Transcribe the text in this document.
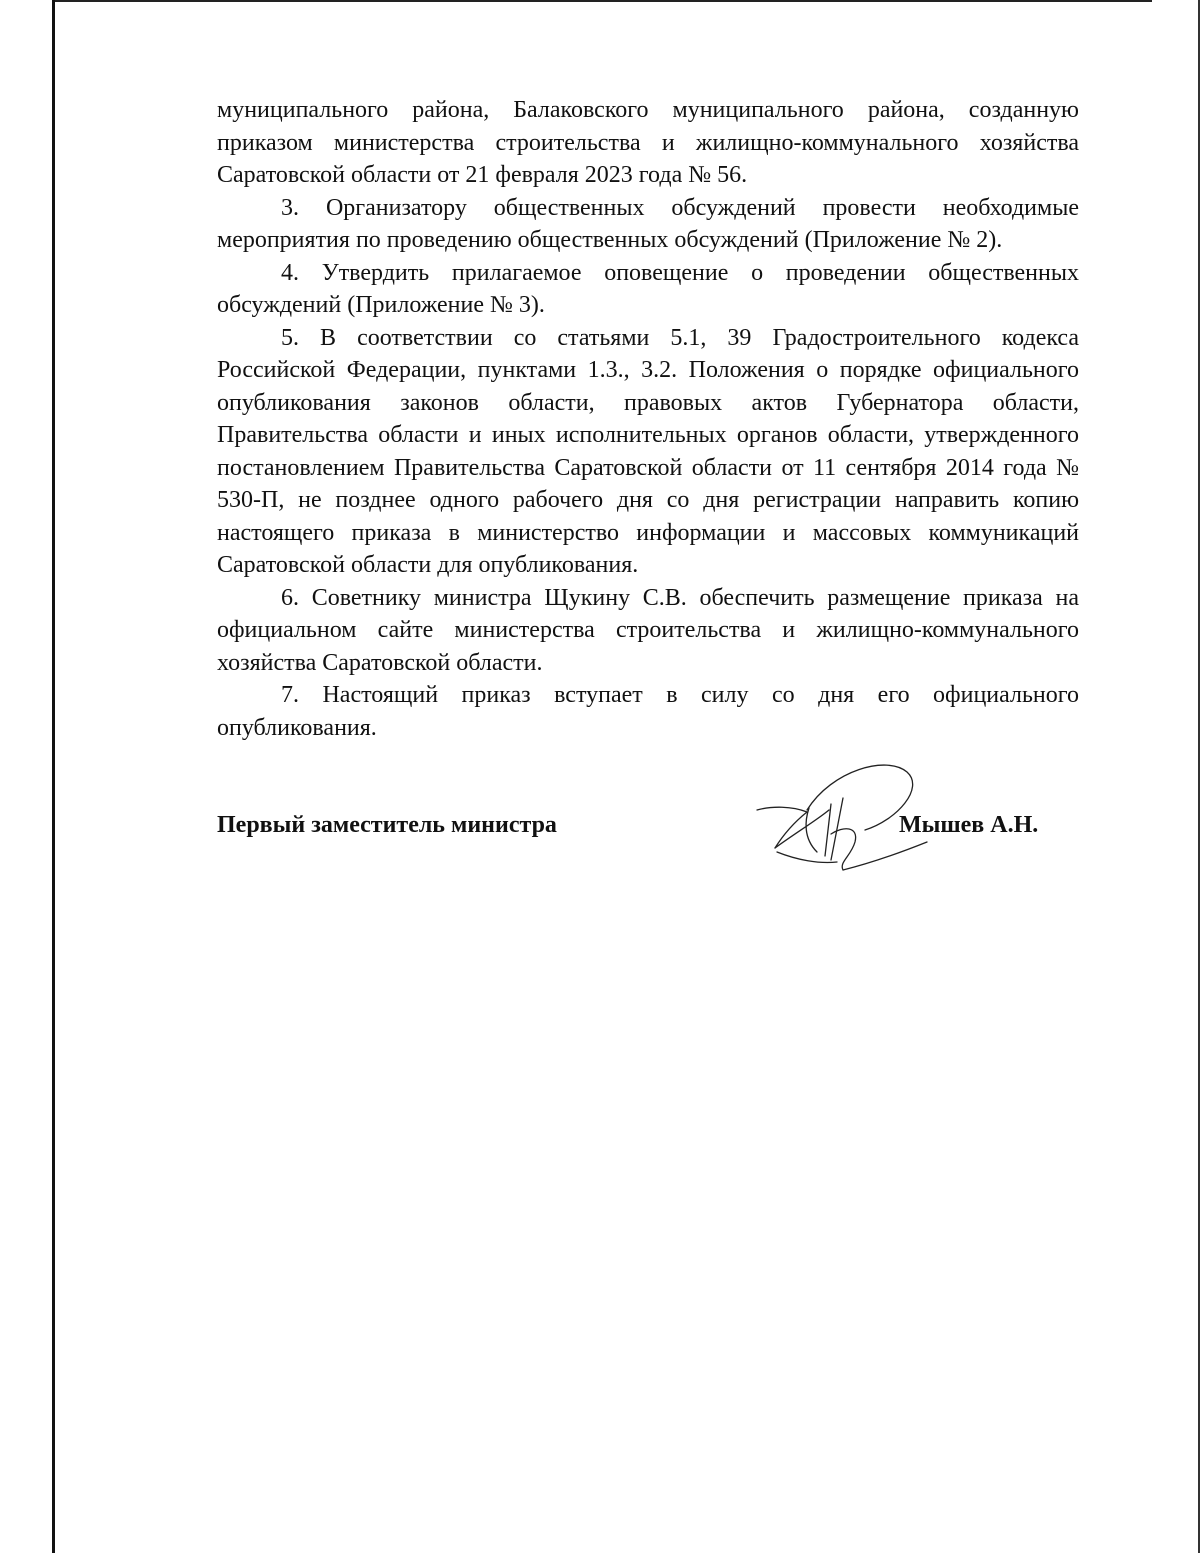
муниципального района, Балаковского муниципального района, созданную приказом министерства строительства и жилищно-коммунального хозяйства Саратовской области от 21 февраля 2023 года № 56.

3. Организатору общественных обсуждений провести необходимые мероприятия по проведению общественных обсуждений (Приложение № 2).

4. Утвердить прилагаемое оповещение о проведении общественных обсуждений (Приложение № 3).

5. В соответствии со статьями 5.1, 39 Градостроительного кодекса Российской Федерации, пунктами 1.3., 3.2. Положения о порядке официального опубликования законов области, правовых актов Губернатора области, Правительства области и иных исполнительных органов области, утвержденного постановлением Правительства Саратовской области от 11 сентября 2014 года № 530-П, не позднее одного рабочего дня со дня регистрации направить копию настоящего приказа в министерство информации и массовых коммуникаций Саратовской области для опубликования.

6. Советнику министра Щукину С.В. обеспечить размещение приказа на официальном сайте министерства строительства и жилищно-коммунального хозяйства Саратовской области.

7. Настоящий приказ вступает в силу со дня его официального опубликования.

Первый заместитель министра	Мышев А.Н.
